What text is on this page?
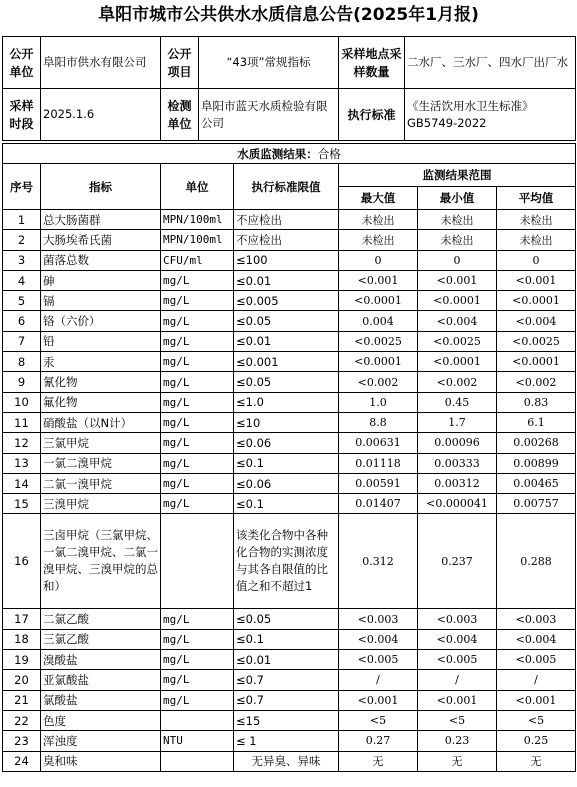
阜阳市城市公共供水水质信息公告(2025年1月报)
公开单位	阜阳市供水有限公司	公开项目	“43项”常规指标	采样地点采样数量	二水厂、三水厂、四水厂出厂水
采样时段	2025.1.6	检测单位	阜阳市蓝天水质检验有限公司	执行标准	《生活饮用水卫生标准》GB5749-2022
水质监测结果：合格						
序号	指标	单位	执行标准限值	监测结果范围		
				最大值	最小值	平均值
1	总大肠菌群	MPN/100ml	不应检出	未检出	未检出	未检出
2	大肠埃希氏菌	MPN/100ml	不应检出	未检出	未检出	未检出
3	菌落总数	CFU/ml	≤100	0	0	0
4	砷	mg/L	≤0.01	<0.001	<0.001	<0.001
5	镉	mg/L	≤0.005	<0.0001	<0.0001	<0.0001
6	铬（六价）	mg/L	≤0.05	0.004	<0.004	<0.004
7	铅	mg/L	≤0.01	<0.0025	<0.0025	<0.0025
8	汞	mg/L	≤0.001	<0.0001	<0.0001	<0.0001
9	氰化物	mg/L	≤0.05	<0.002	<0.002	<0.002
10	氟化物	mg/L	≤1.0	1.0	0.45	0.83
11	硝酸盐（以N计）	mg/L	≤10	8.8	1.7	6.1
12	三氯甲烷	mg/L	≤0.06	0.00631	0.00096	0.00268
13	一氯二溴甲烷	mg/L	≤0.1	0.01118	0.00333	0.00899
14	二氯一溴甲烷	mg/L	≤0.06	0.00591	0.00312	0.00465
15	三溴甲烷	mg/L	≤0.1	0.01407	<0.000041	0.00757
16	三卤甲烷（三氯甲烷、一氯二溴甲烷、二氯一溴甲烷、三溴甲烷的总和）		该类化合物中各种化合物的实测浓度与其各自限值的比值之和不超过1	0.312	0.237	0.288
17	二氯乙酸	mg/L	≤0.05	<0.003	<0.003	<0.003
18	三氯乙酸	mg/L	≤0.1	<0.004	<0.004	<0.004
19	溴酸盐	mg/L	≤0.01	<0.005	<0.005	<0.005
20	亚氯酸盐	mg/L	≤0.7	/	/	/
21	氯酸盐	mg/L	≤0.7	<0.001	<0.001	<0.001
22	色度		≤15	<5	<5	<5
23	浑浊度	NTU	≤ 1	0.27	0.23	0.25
24	臭和味		无异臭、异味	无	无	无
